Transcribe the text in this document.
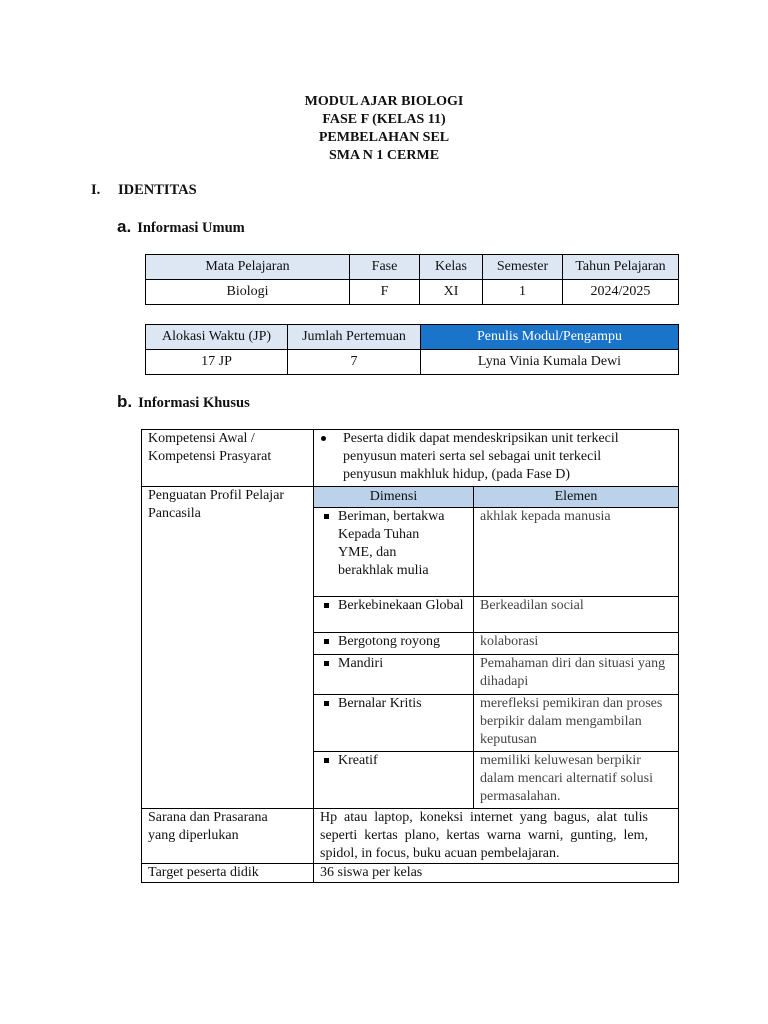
MODUL AJAR BIOLOGI
FASE F (KELAS 11)
PEMBELAHAN SEL
SMA N 1 CERME
I. IDENTITAS
a. Informasi Umum
Mata Pelajaran	Fase	Kelas	Semester	Tahun Pelajaran
Biologi	F	XI	1	2024/2025
Alokasi Waktu (JP)	Jumlah Pertemuan	Penulis Modul/Pengampu
17 JP	7	Lyna Vinia Kumala Dewi
b. Informasi Khusus
Kompetensi Awal / Kompetensi Prasyarat	Peserta didik dapat mendeskripsikan unit terkecil penyusun materi serta sel sebagai unit terkecil penyusun makhluk hidup, (pada Fase D)	
Penguatan Profil Pelajar Pancasila	Dimensi	Elemen

Beriman, bertakwa Kepada Tuhan YME, dan berakhlak mulia	akhlak kepada manusia

Berkebinekaan Global	Berkeadilan social

Bergotong royong	kolaborasi

Mandiri	Pemahaman diri dan situasi yang dihadapi

Bernalar Kritis	merefleksi pemikiran dan proses berpikir dalam mengambilan keputusan

Kreatif	memiliki keluwesan berpikir dalam mencari alternatif solusi permasalahan.
Sarana dan Prasarana yang diperlukan	Hp atau laptop, koneksi internet yang bagus, alat tulis seperti kertas plano, kertas warna warni, gunting, lem, spidol, in focus, buku acuan pembelajaran.	
Target peserta didik	36 siswa per kelas	
